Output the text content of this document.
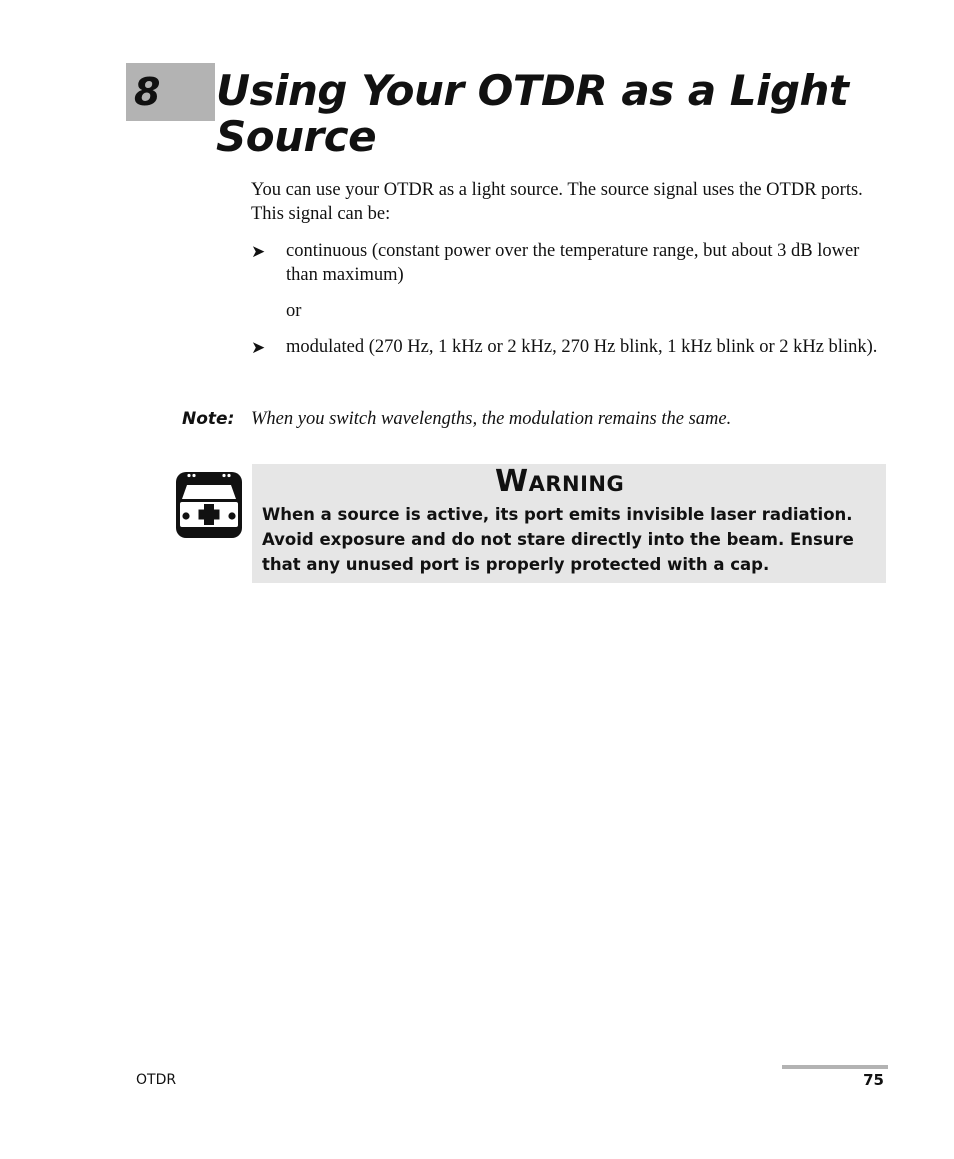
8 Using Your OTDR as a Light Source

You can use your OTDR as a light source. The source signal uses the OTDR ports. This signal can be:

➤ continuous (constant power over the temperature range, but about 3 dB lower than maximum)

or

➤ modulated (270 Hz, 1 kHz or 2 kHz, 270 Hz blink, 1 kHz blink or 2 kHz blink).

Note: When you switch wavelengths, the modulation remains the same.
Warning

When a source is active, its port emits invisible laser radiation. Avoid exposure and do not stare directly into the beam. Ensure that any unused port is properly protected with a cap.

OTDR	75
